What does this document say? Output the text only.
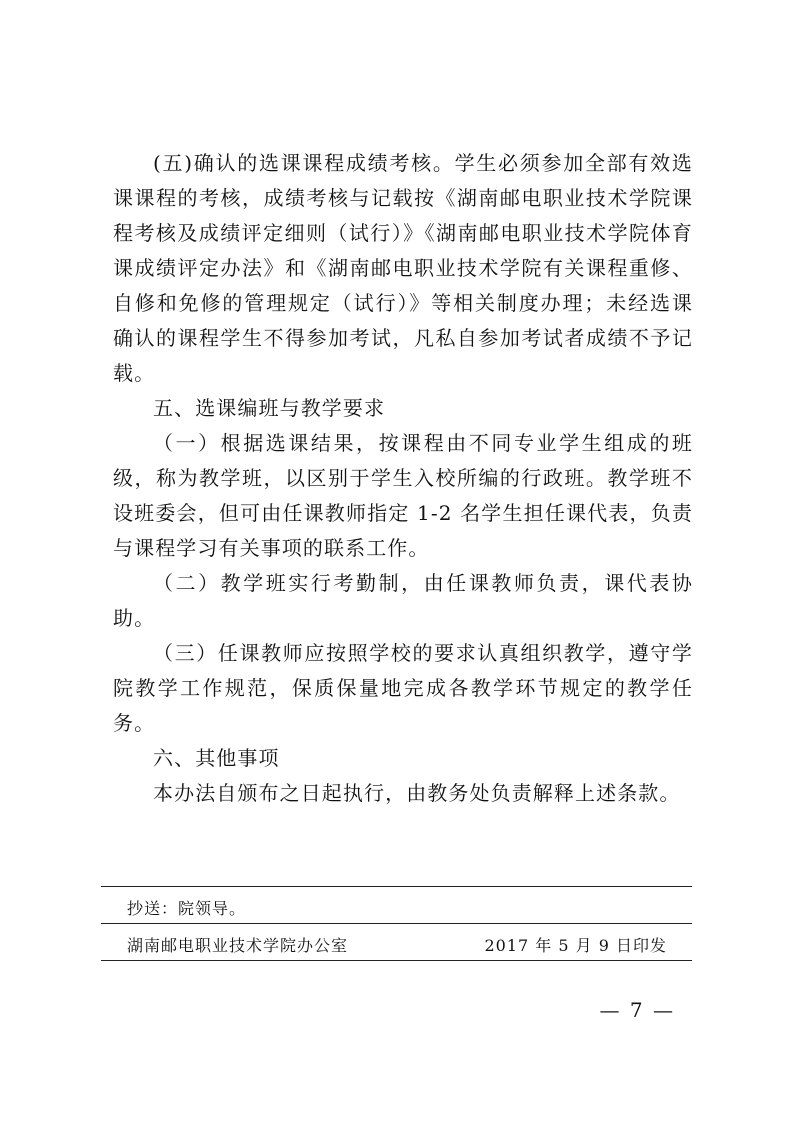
(五)确认的选课课程成绩考核。学生必须参加全部有效选课课程的考核，成绩考核与记载按《湖南邮电职业技术学院课程考核及成绩评定细则（试行）》《湖南邮电职业技术学院体育课成绩评定办法》和《湖南邮电职业技术学院有关课程重修、自修和免修的管理规定（试行）》等相关制度办理；未经选课确认的课程学生不得参加考试，凡私自参加考试者成绩不予记载。

五、选课编班与教学要求

（一）根据选课结果，按课程由不同专业学生组成的班级，称为教学班，以区别于学生入校所编的行政班。教学班不设班委会，但可由任课教师指定 1-2 名学生担任课代表，负责与课程学习有关事项的联系工作。

（二）教学班实行考勤制，由任课教师负责，课代表协助。

（三）任课教师应按照学校的要求认真组织教学，遵守学院教学工作规范，保质保量地完成各教学环节规定的教学任务。

六、其他事项

本办法自颁布之日起执行，由教务处负责解释上述条款。

抄送：院领导。
湖南邮电职业技术学院办公室	2017 年 5 月 9 日印发
— 7 —
